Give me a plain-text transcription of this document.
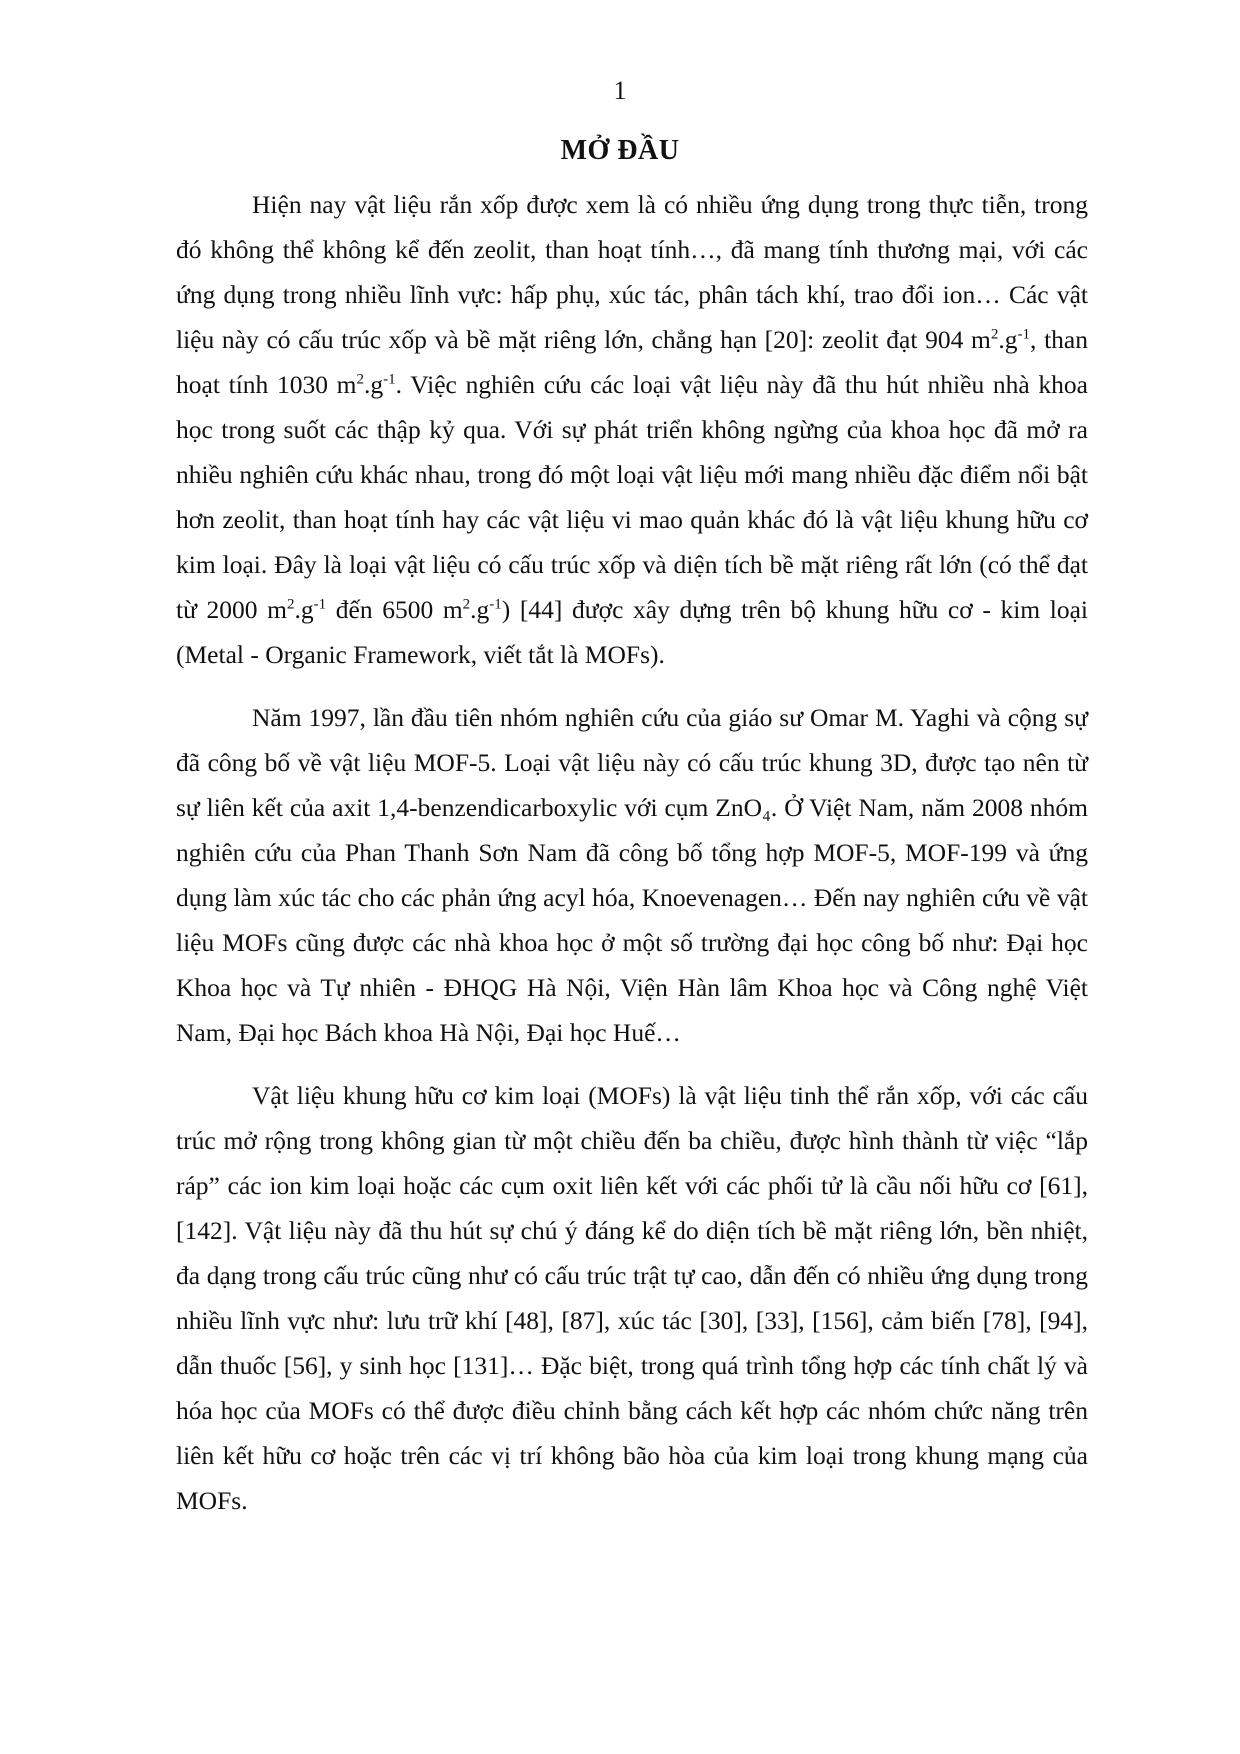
1
MỞ ĐẦU

Hiện nay vật liệu rắn xốp được xem là có nhiều ứng dụng trong thực tiễn, trong đó không thể không kể đến zeolit, than hoạt tính…, đã mang tính thương mại, với các ứng dụng trong nhiều lĩnh vực: hấp phụ, xúc tác, phân tách khí, trao đổi ion… Các vật liệu này có cấu trúc xốp và bề mặt riêng lớn, chẳng hạn [20]: zeolit đạt 904 $m^2.g^{-1}$, than hoạt tính 1030 $m^2.g^{-1}$. Việc nghiên cứu các loại vật liệu này đã thu hút nhiều nhà khoa học trong suốt các thập kỷ qua. Với sự phát triển không ngừng của khoa học đã mở ra nhiều nghiên cứu khác nhau, trong đó một loại vật liệu mới mang nhiều đặc điểm nổi bật hơn zeolit, than hoạt tính hay các vật liệu vi mao quản khác đó là vật liệu khung hữu cơ kim loại. Đây là loại vật liệu có cấu trúc xốp và diện tích bề mặt riêng rất lớn (có thể đạt từ 2000 $m^2.g^{-1}$ đến 6500 $m^2.g^{-1}$) [44] được xây dựng trên bộ khung hữu cơ - kim loại (Metal - Organic Framework, viết tắt là MOFs).

Năm 1997, lần đầu tiên nhóm nghiên cứu của giáo sư Omar M. Yaghi và cộng sự đã công bố về vật liệu MOF-5. Loại vật liệu này có cấu trúc khung 3D, được tạo nên từ sự liên kết của axit 1,4-benzendicarboxylic với cụm ZnO₄. Ở Việt Nam, năm 2008 nhóm nghiên cứu của Phan Thanh Sơn Nam đã công bố tổng hợp MOF-5, MOF-199 và ứng dụng làm xúc tác cho các phản ứng acyl hóa, Knoevenagen… Đến nay nghiên cứu về vật liệu MOFs cũng được các nhà khoa học ở một số trường đại học công bố như: Đại học Khoa học và Tự nhiên - ĐHQG Hà Nội, Viện Hàn lâm Khoa học và Công nghệ Việt Nam, Đại học Bách khoa Hà Nội, Đại học Huế…

Vật liệu khung hữu cơ kim loại (MOFs) là vật liệu tinh thể rắn xốp, với các cấu trúc mở rộng trong không gian từ một chiều đến ba chiều, được hình thành từ việc “lắp ráp” các ion kim loại hoặc các cụm oxit liên kết với các phối tử là cầu nối hữu cơ [61], [142]. Vật liệu này đã thu hút sự chú ý đáng kể do diện tích bề mặt riêng lớn, bền nhiệt, đa dạng trong cấu trúc cũng như có cấu trúc trật tự cao, dẫn đến có nhiều ứng dụng trong nhiều lĩnh vực như: lưu trữ khí [48], [87], xúc tác [30], [33], [156], cảm biến [78], [94], dẫn thuốc [56], y sinh học [131]… Đặc biệt, trong quá trình tổng hợp các tính chất lý và hóa học của MOFs có thể được điều chỉnh bằng cách kết hợp các nhóm chức năng trên liên kết hữu cơ hoặc trên các vị trí không bão hòa của kim loại trong khung mạng của MOFs.
